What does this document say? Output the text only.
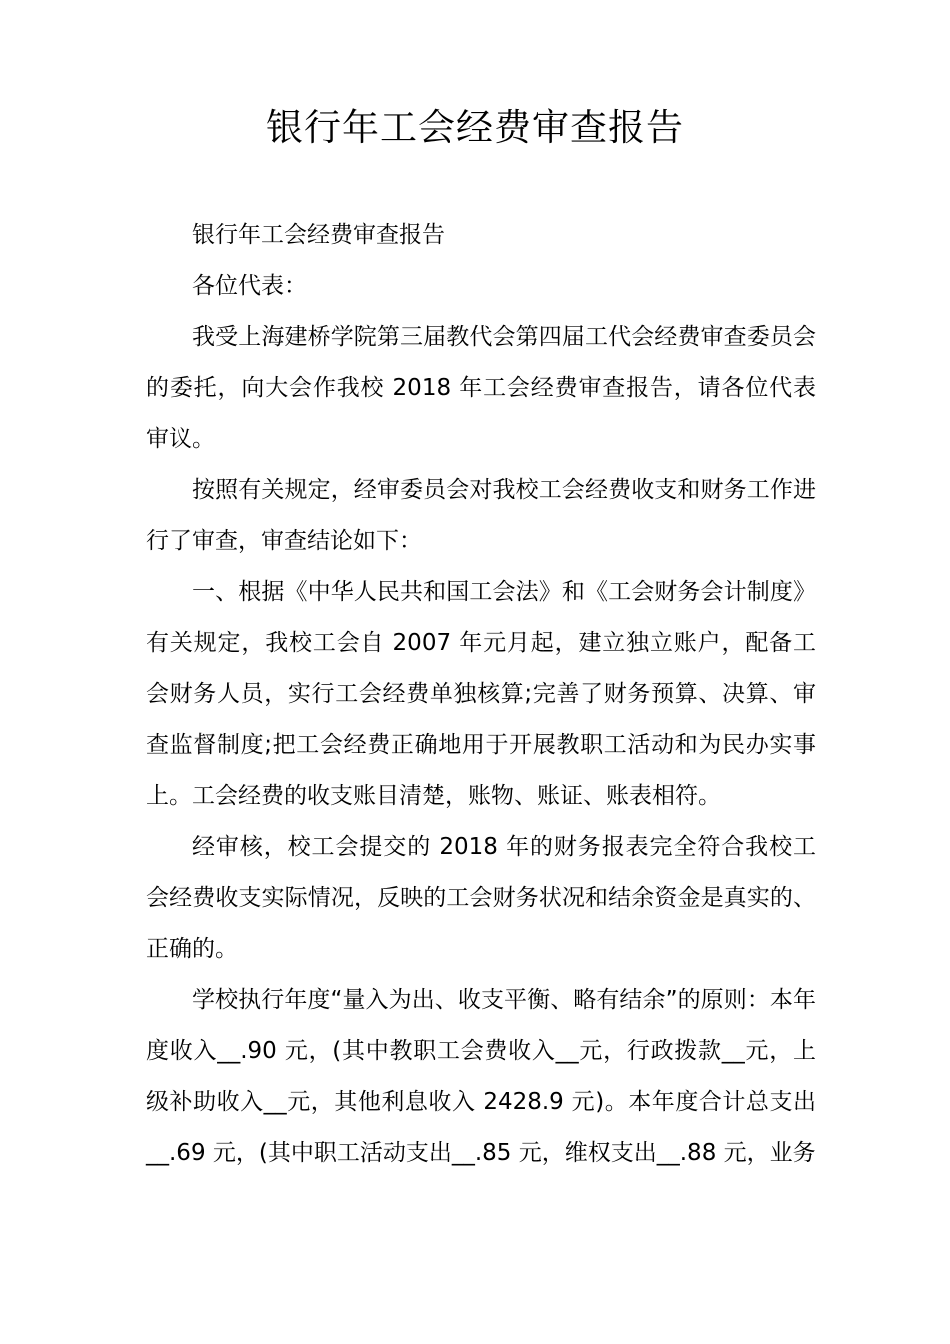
银行年工会经费审查报告

银行年工会经费审查报告

各位代表：

我受上海建桥学院第三届教代会第四届工代会经费审查委员会的委托，向大会作我校 2018 年工会经费审查报告，请各位代表审议。

按照有关规定，经审委员会对我校工会经费收支和财务工作进行了审查，审查结论如下：

一、根据《中华人民共和国工会法》和《工会财务会计制度》有关规定，我校工会自 2007 年元月起，建立独立账户，配备工会财务人员，实行工会经费单独核算;完善了财务预算、决算、审查监督制度;把工会经费正确地用于开展教职工活动和为民办实事上。工会经费的收支账目清楚，账物、账证、账表相符。

经审核，校工会提交的 2018 年的财务报表完全符合我校工会经费收支实际情况，反映的工会财务状况和结余资金是真实的、正确的。

学校执行年度“量入为出、收支平衡、略有结余”的原则：本年度收入__.90 元，(其中教职工会费收入__元，行政拨款__元，上级补助收入__元，其他利息收入 2428.9 元)。本年度合计总支出__.69 元，(其中职工活动支出__.85 元，维权支出__.88 元，业务
